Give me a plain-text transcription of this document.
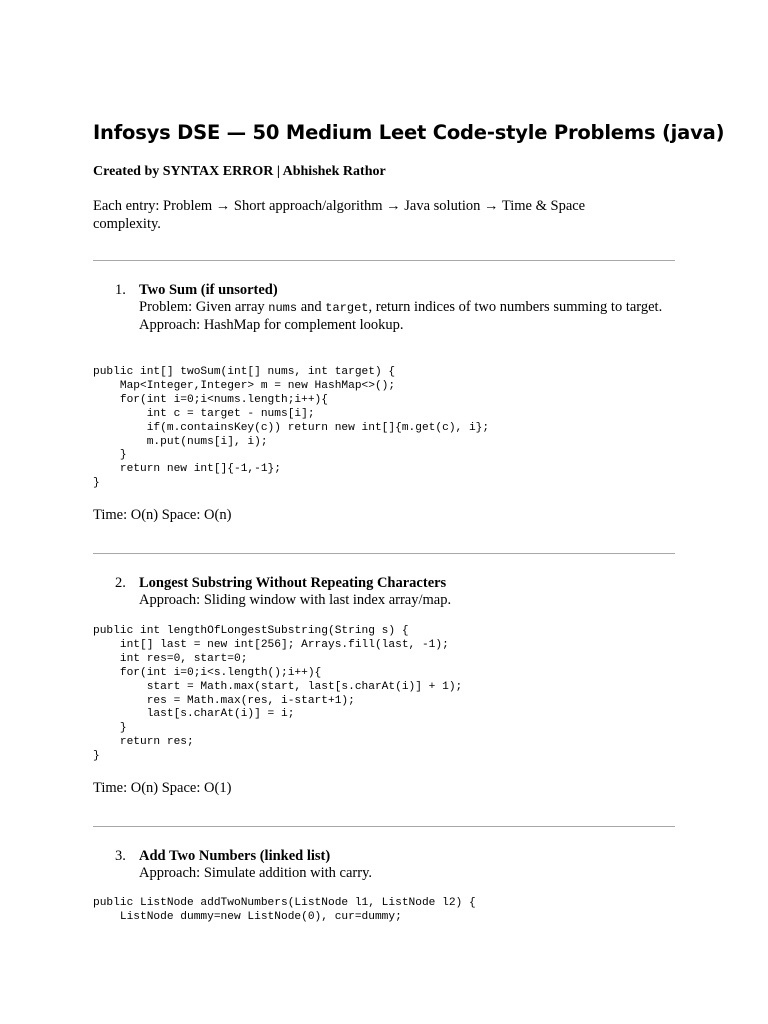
Infosys DSE — 50 Medium Leet Code-style Problems (java)
Created by SYNTAX ERROR | Abhishek Rathor
Each entry: Problem → Short approach/algorithm → Java solution → Time & Space complexity.
1. Two Sum (if unsorted)
Problem: Given array nums and target, return indices of two numbers summing to target.
Approach: HashMap for complement lookup.
public int[] twoSum(int[] nums, int target) {
Map<Integer,Integer> m = new HashMap<>();
for(int i=0;i<nums.length;i++){
int c = target - nums[i];
if(m.containsKey(c)) return new int[]{m.get(c), i};
m.put(nums[i], i);
}
return new int[]{-1,-1};
}
Time: O(n) Space: O(n)
2. Longest Substring Without Repeating Characters
Approach: Sliding window with last index array/map.
public int lengthOfLongestSubstring(String s) {
int[] last = new int[256]; Arrays.fill(last, -1);
int res=0, start=0;
for(int i=0;i<s.length();i++){
start = Math.max(start, last[s.charAt(i)] + 1);
res = Math.max(res, i-start+1);
last[s.charAt(i)] = i;
}
return res;
}
Time: O(n) Space: O(1)
3. Add Two Numbers (linked list)
Approach: Simulate addition with carry.
public ListNode addTwoNumbers(ListNode l1, ListNode l2) {
ListNode dummy=new ListNode(0), cur=dummy;
